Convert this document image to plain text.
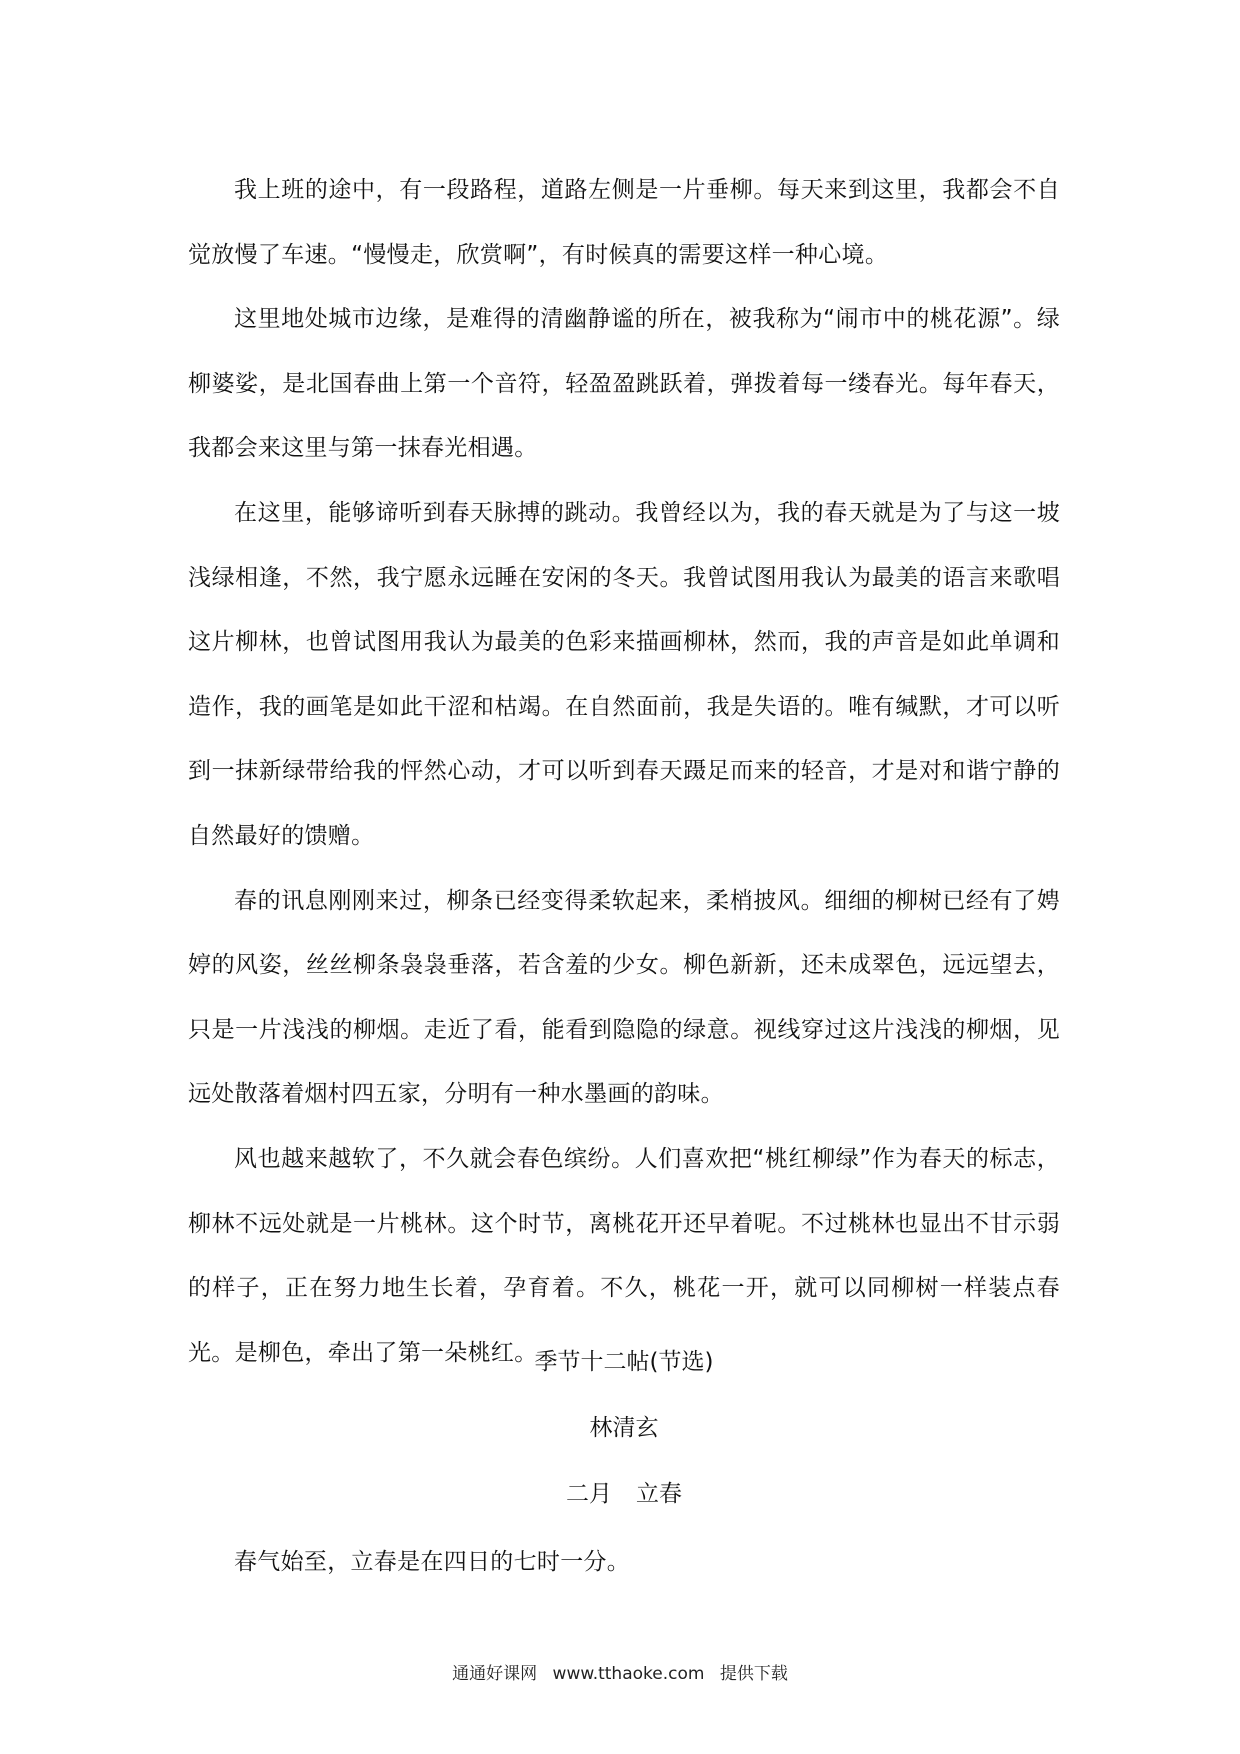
我上班的途中，有一段路程，道路左侧是一片垂柳。每天来到这里，我都会不自觉放慢了车速。“慢慢走，欣赏啊”，有时候真的需要这样一种心境。

这里地处城市边缘，是难得的清幽静谧的所在，被我称为“闹市中的桃花源”。绿柳婆娑，是北国春曲上第一个音符，轻盈盈跳跃着，弹拨着每一缕春光。每年春天，我都会来这里与第一抹春光相遇。

在这里，能够谛听到春天脉搏的跳动。我曾经以为，我的春天就是为了与这一坡浅绿相逢，不然，我宁愿永远睡在安闲的冬天。我曾试图用我认为最美的语言来歌唱这片柳林，也曾试图用我认为最美的色彩来描画柳林，然而，我的声音是如此单调和造作，我的画笔是如此干涩和枯竭。在自然面前，我是失语的。唯有缄默，才可以听到一抹新绿带给我的怦然心动，才可以听到春天蹑足而来的轻音，才是对和谐宁静的自然最好的馈赠。

春的讯息刚刚来过，柳条已经变得柔软起来，柔梢披风。细细的柳树已经有了娉婷的风姿，丝丝柳条袅袅垂落，若含羞的少女。柳色新新，还未成翠色，远远望去，只是一片浅浅的柳烟。走近了看，能看到隐隐的绿意。视线穿过这片浅浅的柳烟，见远处散落着烟村四五家，分明有一种水墨画的韵味。

风也越来越软了，不久就会春色缤纷。人们喜欢把“桃红柳绿”作为春天的标志，柳林不远处就是一片桃林。这个时节，离桃花开还早着呢。不过桃林也显出不甘示弱的样子，正在努力地生长着，孕育着。不久，桃花一开，就可以同柳树一样装点春光。是柳色，牵出了第一朵桃红。

季节十二帖(节选)

林清玄

二月 立春

春气始至，立春是在四日的七时一分。

通通好课网 www.tthaoke.com 提供下载
